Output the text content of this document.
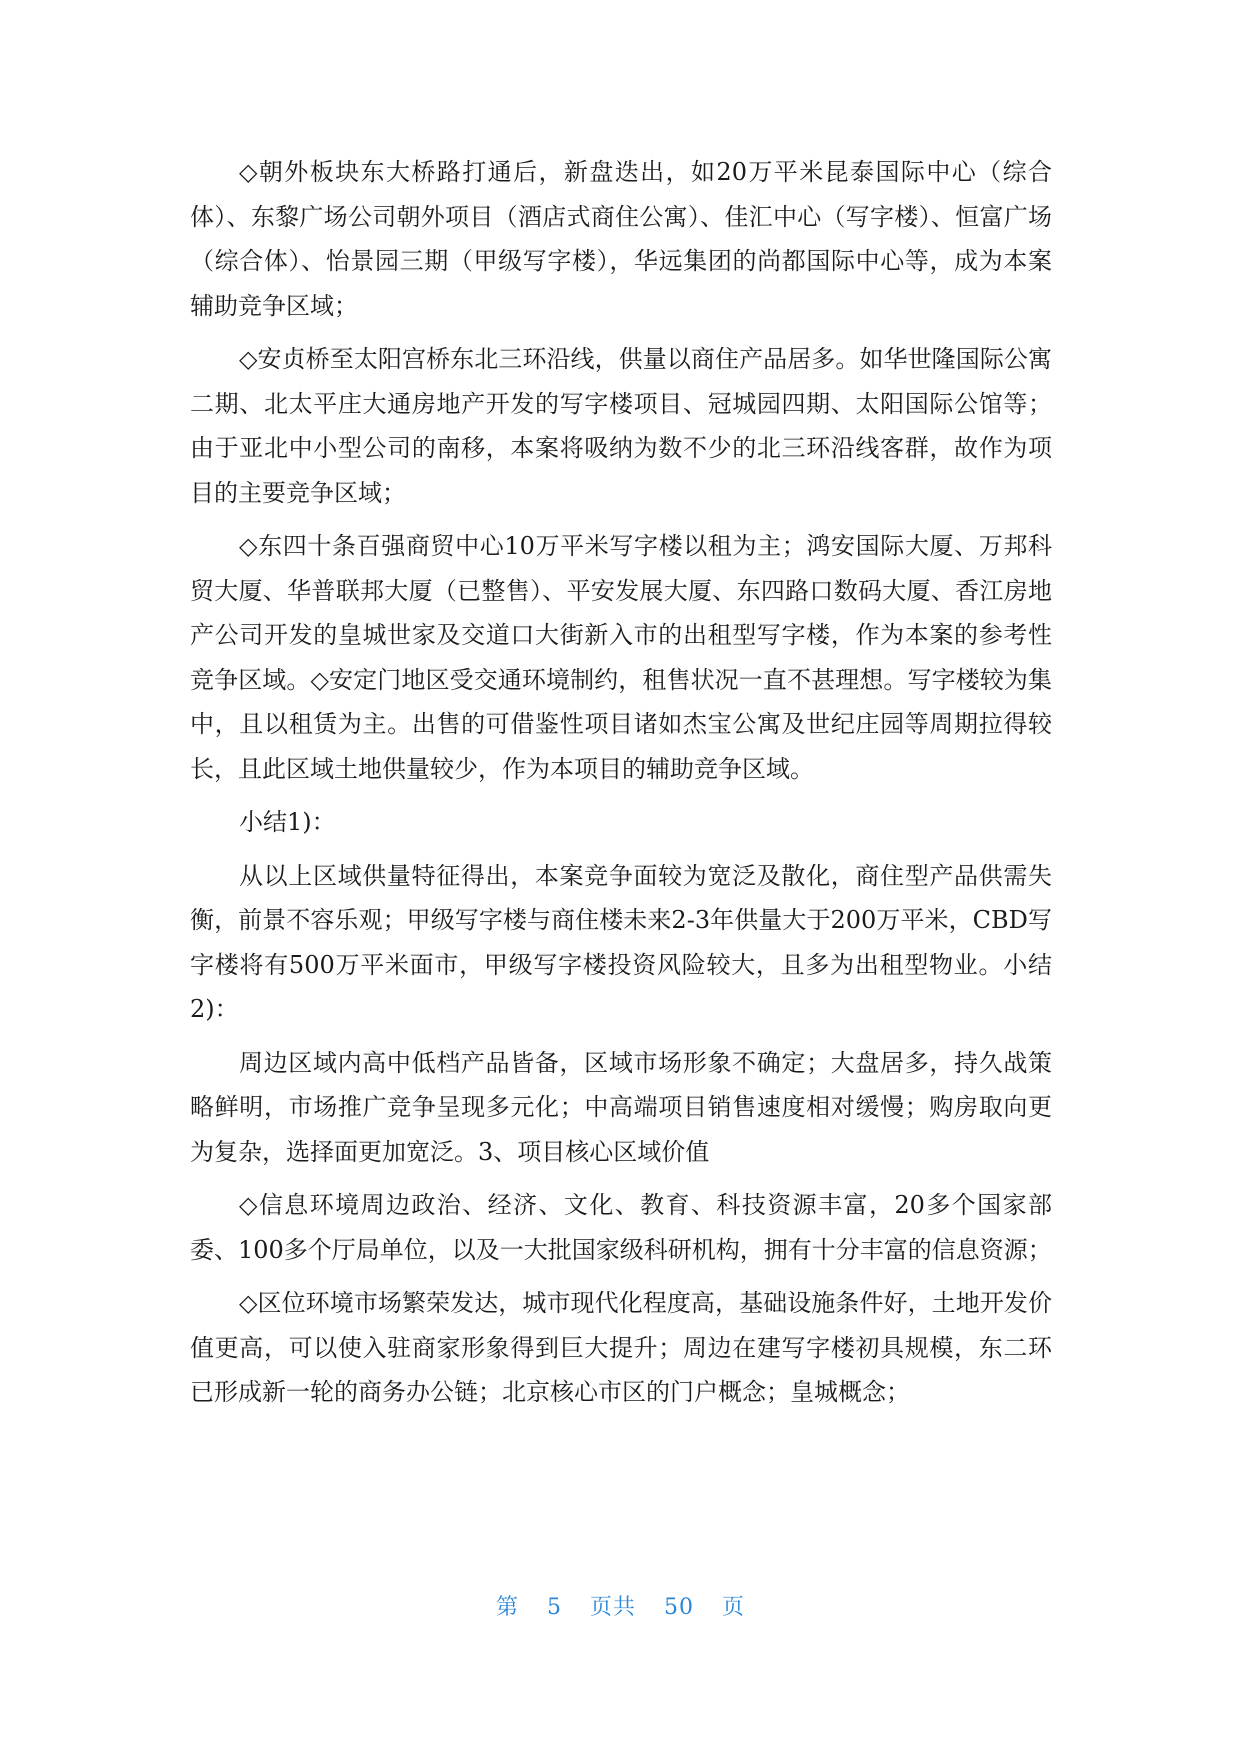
◇朝外板块东大桥路打通后，新盘迭出，如20万平米昆泰国际中心（综合体）、东黎广场公司朝外项目（酒店式商住公寓）、佳汇中心（写字楼）、恒富广场（综合体）、怡景园三期（甲级写字楼），华远集团的尚都国际中心等，成为本案辅助竞争区域；

◇安贞桥至太阳宫桥东北三环沿线，供量以商住产品居多。如华世隆国际公寓二期、北太平庄大通房地产开发的写字楼项目、冠城园四期、太阳国际公馆等；由于亚北中小型公司的南移，本案将吸纳为数不少的北三环沿线客群，故作为项目的主要竞争区域；

◇东四十条百强商贸中心10万平米写字楼以租为主；鸿安国际大厦、万邦科贸大厦、华普联邦大厦（已整售）、平安发展大厦、东四路口数码大厦、香江房地产公司开发的皇城世家及交道口大街新入市的出租型写字楼，作为本案的参考性竞争区域。◇安定门地区受交通环境制约，租售状况一直不甚理想。写字楼较为集中，且以租赁为主。出售的可借鉴性项目诸如杰宝公寓及世纪庄园等周期拉得较长，且此区域土地供量较少，作为本项目的辅助竞争区域。

小结1)：

从以上区域供量特征得出，本案竞争面较为宽泛及散化，商住型产品供需失衡，前景不容乐观；甲级写字楼与商住楼未来2-3年供量大于200万平米，CBD写字楼将有500万平米面市，甲级写字楼投资风险较大，且多为出租型物业。小结2)：

周边区域内高中低档产品皆备，区域市场形象不确定；大盘居多，持久战策略鲜明，市场推广竞争呈现多元化；中高端项目销售速度相对缓慢；购房取向更为复杂，选择面更加宽泛。3、项目核心区域价值

◇信息环境周边政治、经济、文化、教育、科技资源丰富，20多个国家部委、100多个厅局单位，以及一大批国家级科研机构，拥有十分丰富的信息资源；

◇区位环境市场繁荣发达，城市现代化程度高，基础设施条件好，土地开发价值更高，可以使入驻商家形象得到巨大提升；周边在建写字楼初具规模，东二环已形成新一轮的商务办公链；北京核心市区的门户概念；皇城概念；

第 5 页共 50 页
